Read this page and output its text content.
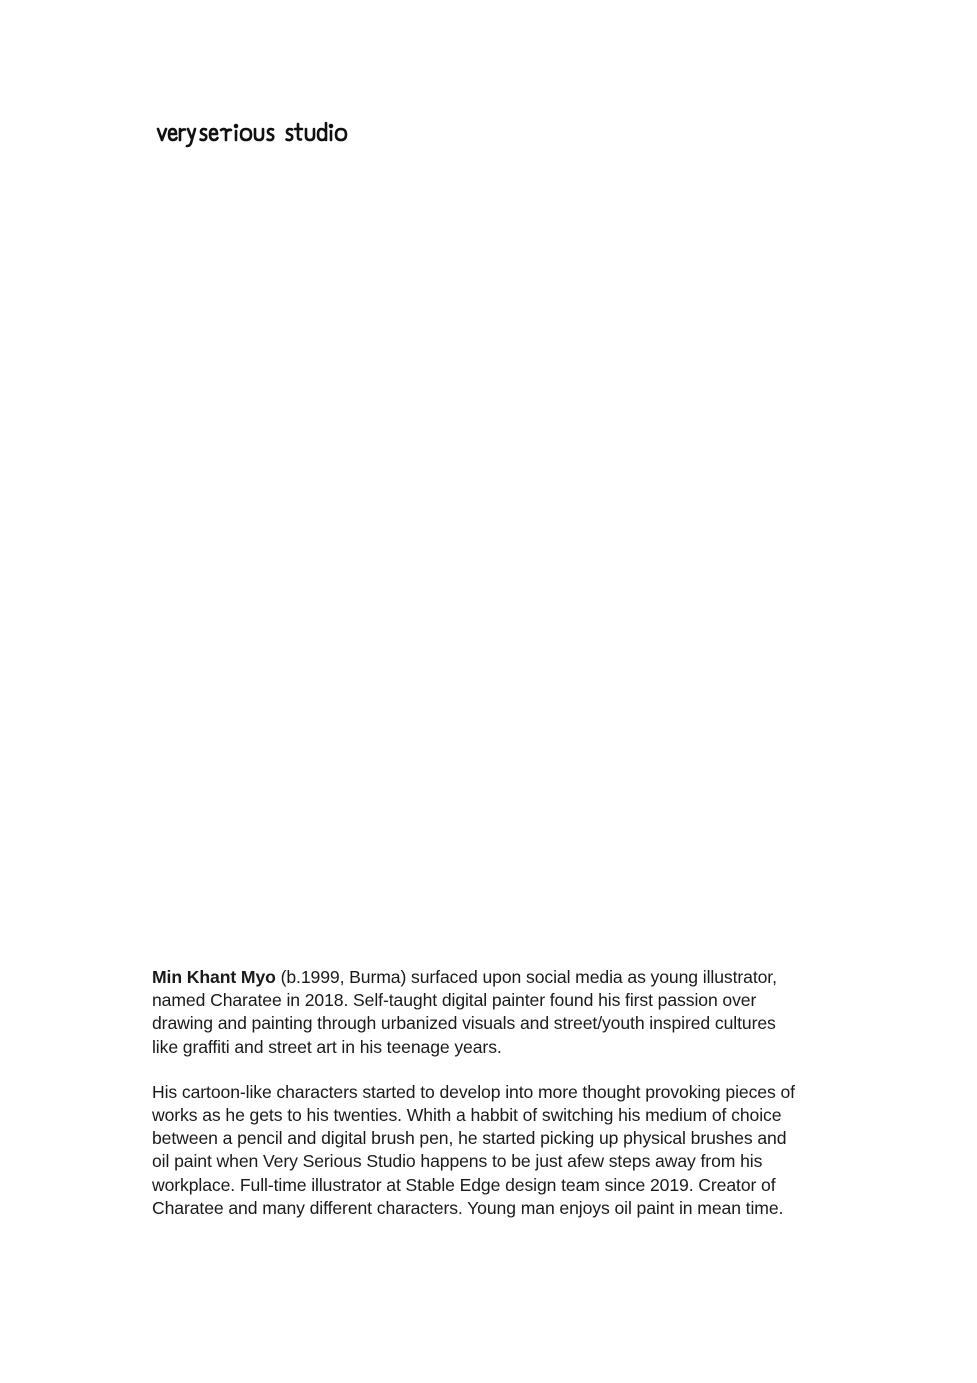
Min Khant Myo (b.1999, Burma) surfaced upon social media as young illustrator, named Charatee in 2018. Self-taught digital painter found his first passion over drawing and painting through urbanized visuals and street/youth inspired cultures like graffiti and street art in his teenage years.

His cartoon-like characters started to develop into more thought provoking pieces of works as he gets to his twenties. Whith a habbit of switching his medium of choice between a pencil and digital brush pen, he started picking up physical brushes and oil paint when Very Serious Studio happens to be just afew steps away from his workplace. Full-time illustrator at Stable Edge design team since 2019. Creator of Charatee and many different characters. Young man enjoys oil paint in mean time.
